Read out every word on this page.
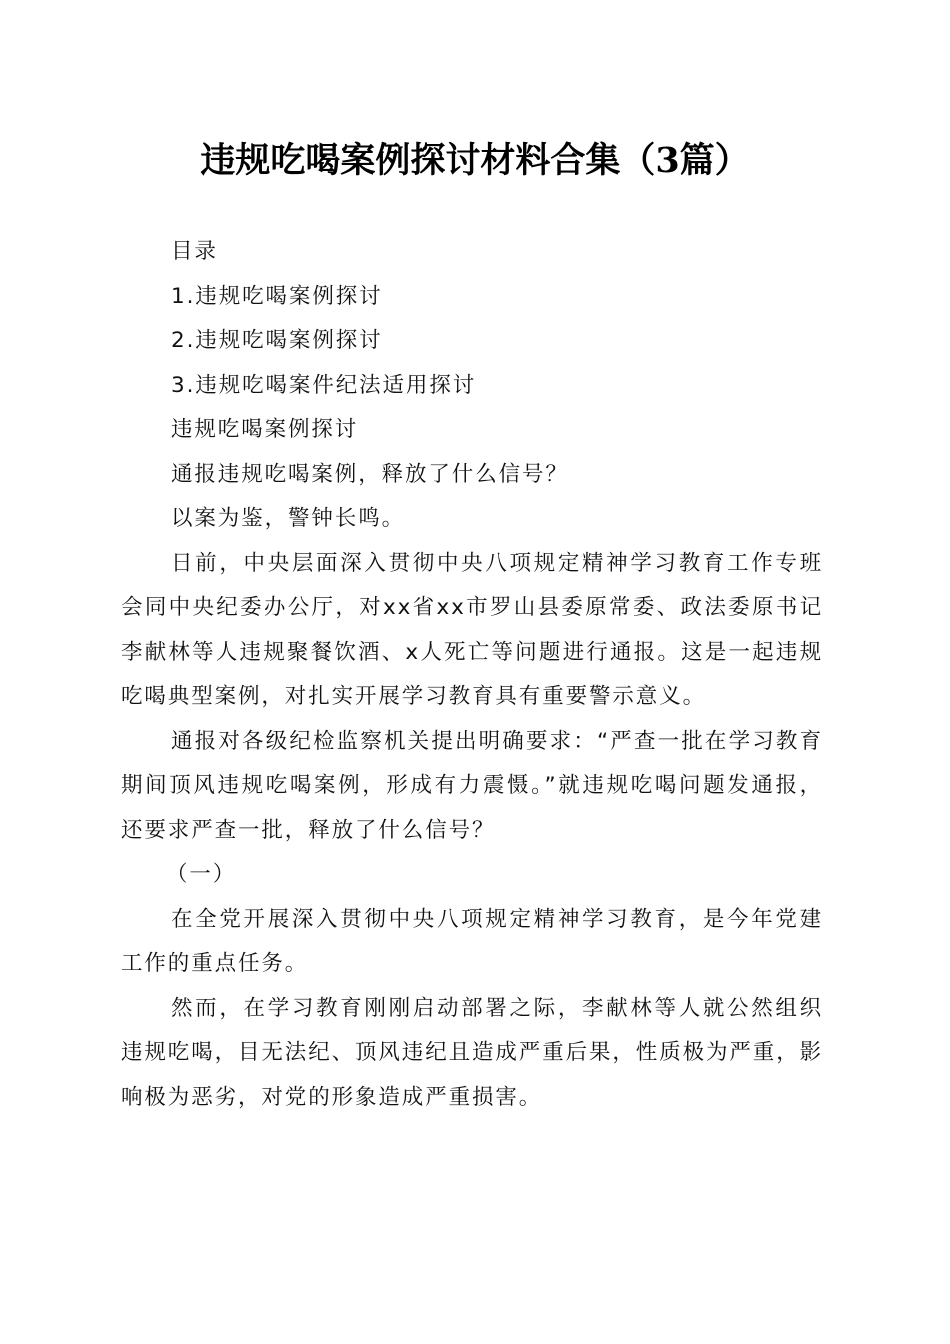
违规吃喝案例探讨材料合集（3篇）

目录

1.违规吃喝案例探讨

2.违规吃喝案例探讨

3.违规吃喝案件纪法适用探讨

违规吃喝案例探讨

通报违规吃喝案例，释放了什么信号？

以案为鉴，警钟长鸣。

日前，中央层面深入贯彻中央八项规定精神学习教育工作专班会同中央纪委办公厅，对xx省xx市罗山县委原常委、政法委原书记李献林等人违规聚餐饮酒、x人死亡等问题进行通报。这是一起违规吃喝典型案例，对扎实开展学习教育具有重要警示意义。

通报对各级纪检监察机关提出明确要求：“严查一批在学习教育期间顶风违规吃喝案例，形成有力震慑。”就违规吃喝问题发通报，还要求严查一批，释放了什么信号？

（一）

在全党开展深入贯彻中央八项规定精神学习教育，是今年党建工作的重点任务。

然而，在学习教育刚刚启动部署之际，李献林等人就公然组织违规吃喝，目无法纪、顶风违纪且造成严重后果，性质极为严重，影响极为恶劣，对党的形象造成严重损害。
